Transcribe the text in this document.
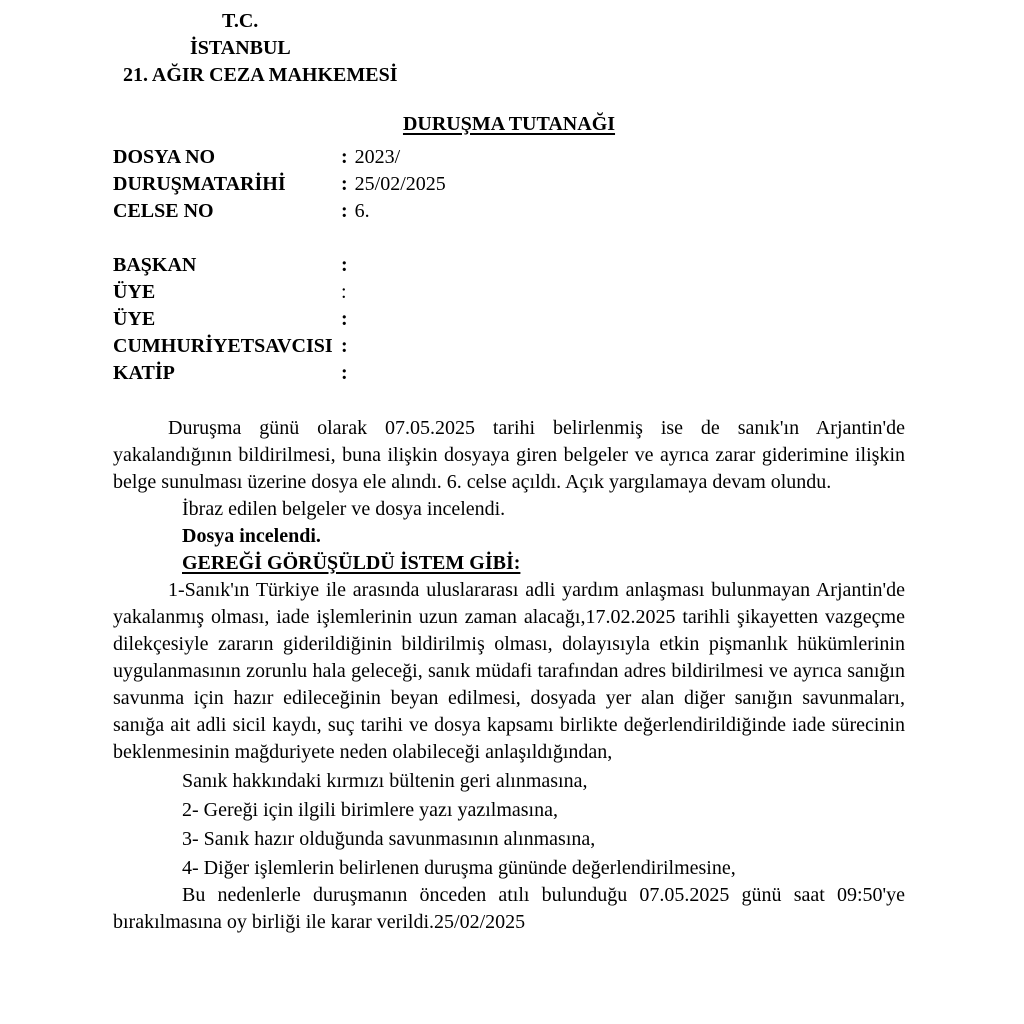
T.C.
İSTANBUL
21. AĞIR CEZA MAHKEMESİ
DURUŞMA TUTANAĞI
DOSYA NO	: 2023/
DURUŞMATARİHİ	: 25/02/2025
CELSE NO	: 6.
BAŞKAN	:
ÜYE	:
ÜYE	:
CUMHURİYETSAVCISI :
KATİP	:

Duruşma günü olarak 07.05.2025 tarihi belirlenmiş ise de sanık'ın Arjantin'de yakalandığının bildirilmesi, buna ilişkin dosyaya giren belgeler ve ayrıca zarar giderimine ilişkin belge sunulması üzerine dosya ele alındı. 6. celse açıldı. Açık yargılamaya devam olundu.

İbraz edilen belgeler ve dosya incelendi.

Dosya incelendi.

GEREĞİ GÖRÜŞÜLDÜ İSTEM GİBİ:

1-Sanık'ın Türkiye ile arasında uluslararası adli yardım anlaşması bulunmayan Arjantin'de yakalanmış olması, iade işlemlerinin uzun zaman alacağı,17.02.2025 tarihli şikayetten vazgeçme dilekçesiyle zararın giderildiğinin bildirilmiş olması, dolayısıyla etkin pişmanlık hükümlerinin uygulanmasının zorunlu hala geleceği, sanık müdafi tarafından adres bildirilmesi ve ayrıca sanığın savunma için hazır edileceğinin beyan edilmesi, dosyada yer alan diğer sanığın savunmaları, sanığa ait adli sicil kaydı, suç tarihi ve dosya kapsamı birlikte değerlendirildiğinde iade sürecinin beklenmesinin mağduriyete neden olabileceği anlaşıldığından,

Sanık hakkındaki kırmızı bültenin geri alınmasına,

2- Gereği için ilgili birimlere yazı yazılmasına,

3- Sanık hazır olduğunda savunmasının alınmasına,

4- Diğer işlemlerin belirlenen duruşma gününde değerlendirilmesine,

Bu nedenlerle duruşmanın önceden atılı bulunduğu 07.05.2025 günü saat 09:50'ye bırakılmasına oy birliği ile karar verildi.25/02/2025
